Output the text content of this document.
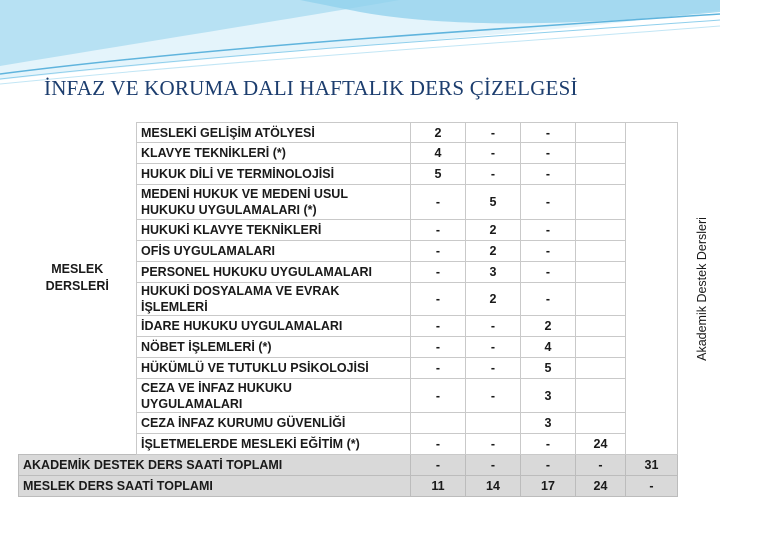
İNFAZ VE KORUMA DALI HAFTALIK DERS ÇİZELGESİ
	MESLEKİ GELİŞİM ATÖLYESİ	2	-	-		Akademik Destek Dersleri
	KLAVYE TEKNİKLERİ (*)	4	-	-		
	HUKUK DİLİ VE TERMİNOLOJİSİ	5	-	-		
	MEDENİ HUKUK VE MEDENİ USUL
HUKUKU UYGULAMALARI (*)	-	5	-		
	HUKUKİ KLAVYE TEKNİKLERİ	-	2	-		
MESLEK
DERSLERİ	OFİS UYGULAMALARI	-	2	-		
	PERSONEL HUKUKU UYGULAMALARI	-	3	-		
	HUKUKİ DOSYALAMA VE EVRAK
İŞLEMLERİ	-	2	-		
	İDARE HUKUKU UYGULAMALARI	-	-	2		
	NÖBET İŞLEMLERİ (*)	-	-	4		
	HÜKÜMLÜ VE TUTUKLU PSİKOLOJİSİ	-	-	5		
	CEZA VE İNFAZ HUKUKU
UYGULAMALARI	-	-	3		
	CEZA İNFAZ KURUMU GÜVENLİĞİ			3		
	İŞLETMELERDE MESLEKİ EĞİTİM (*)	-	-	-	24	
AKADEMİK DESTEK DERS SAATİ TOPLAMI		-	-	-	-	31
MESLEK DERS SAATİ TOPLAMI		11	14	17	24	-
